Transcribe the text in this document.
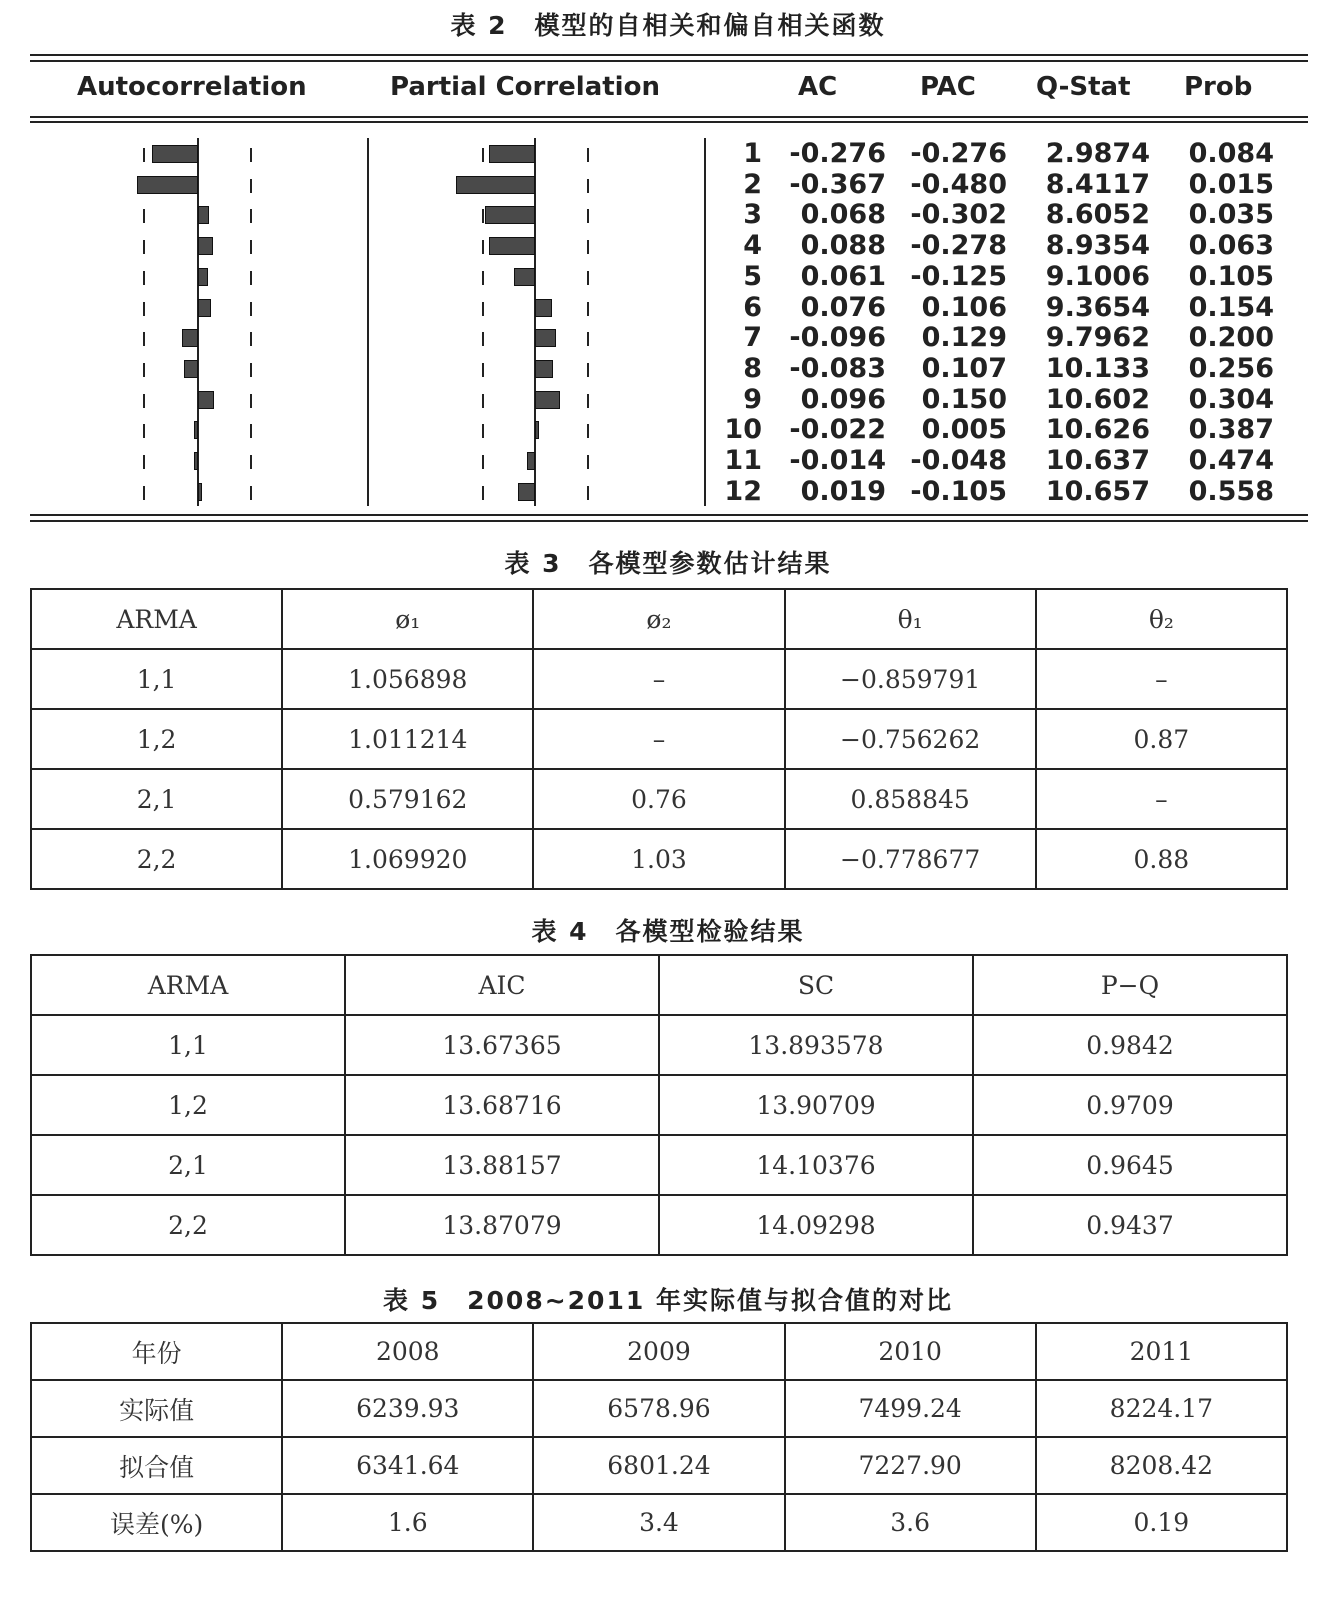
表 2　模型的自相关和偏自相关函数
Autocorrelation	Partial Correlation	AC	PAC Q-Stat Prob
1	-0.276 -0.276	2.9874	0.084
2	-0.367 -0.480	8.4117	0.015
3	0.068 -0.302	8.6052	0.035
4	0.088 -0.278	8.9354	0.063
5	0.061 -0.125	9.1006	0.105
6	0.076	0.106	9.3654	0.154
7	-0.096	0.129	9.7962	0.200
8	-0.083	0.107	10.133	0.256
9	0.096	0.150	10.602	0.304
10	-0.022	0.005	10.626	0.387
11	-0.014 -0.048	10.637	0.474
12	0.019 -0.105	10.657	0.558
表 3　各模型参数估计结果
ARMA	ø₁	ø₂	θ₁	θ₂
1,1	1.056898	–	−0.859791	–
1,2	1.011214	–	−0.756262	0.87
2,1	0.579162	0.76	0.858845	–
2,2	1.069920	1.03	−0.778677	0.88
表 4　各模型检验结果
ARMA	AIC	SC	P−Q
1,1	13.67365	13.893578	0.9842
1,2	13.68716	13.90709	0.9709
2,1	13.88157	14.10376	0.9645
2,2	13.87079	14.09298	0.9437
表 5　2008~2011 年实际值与拟合值的对比
年份	2008	2009	2010	2011
实际值	6239.93	6578.96	7499.24	8224.17
拟合值	6341.64	6801.24	7227.90	8208.42
误差(%)	1.6	3.4	3.6	0.19
